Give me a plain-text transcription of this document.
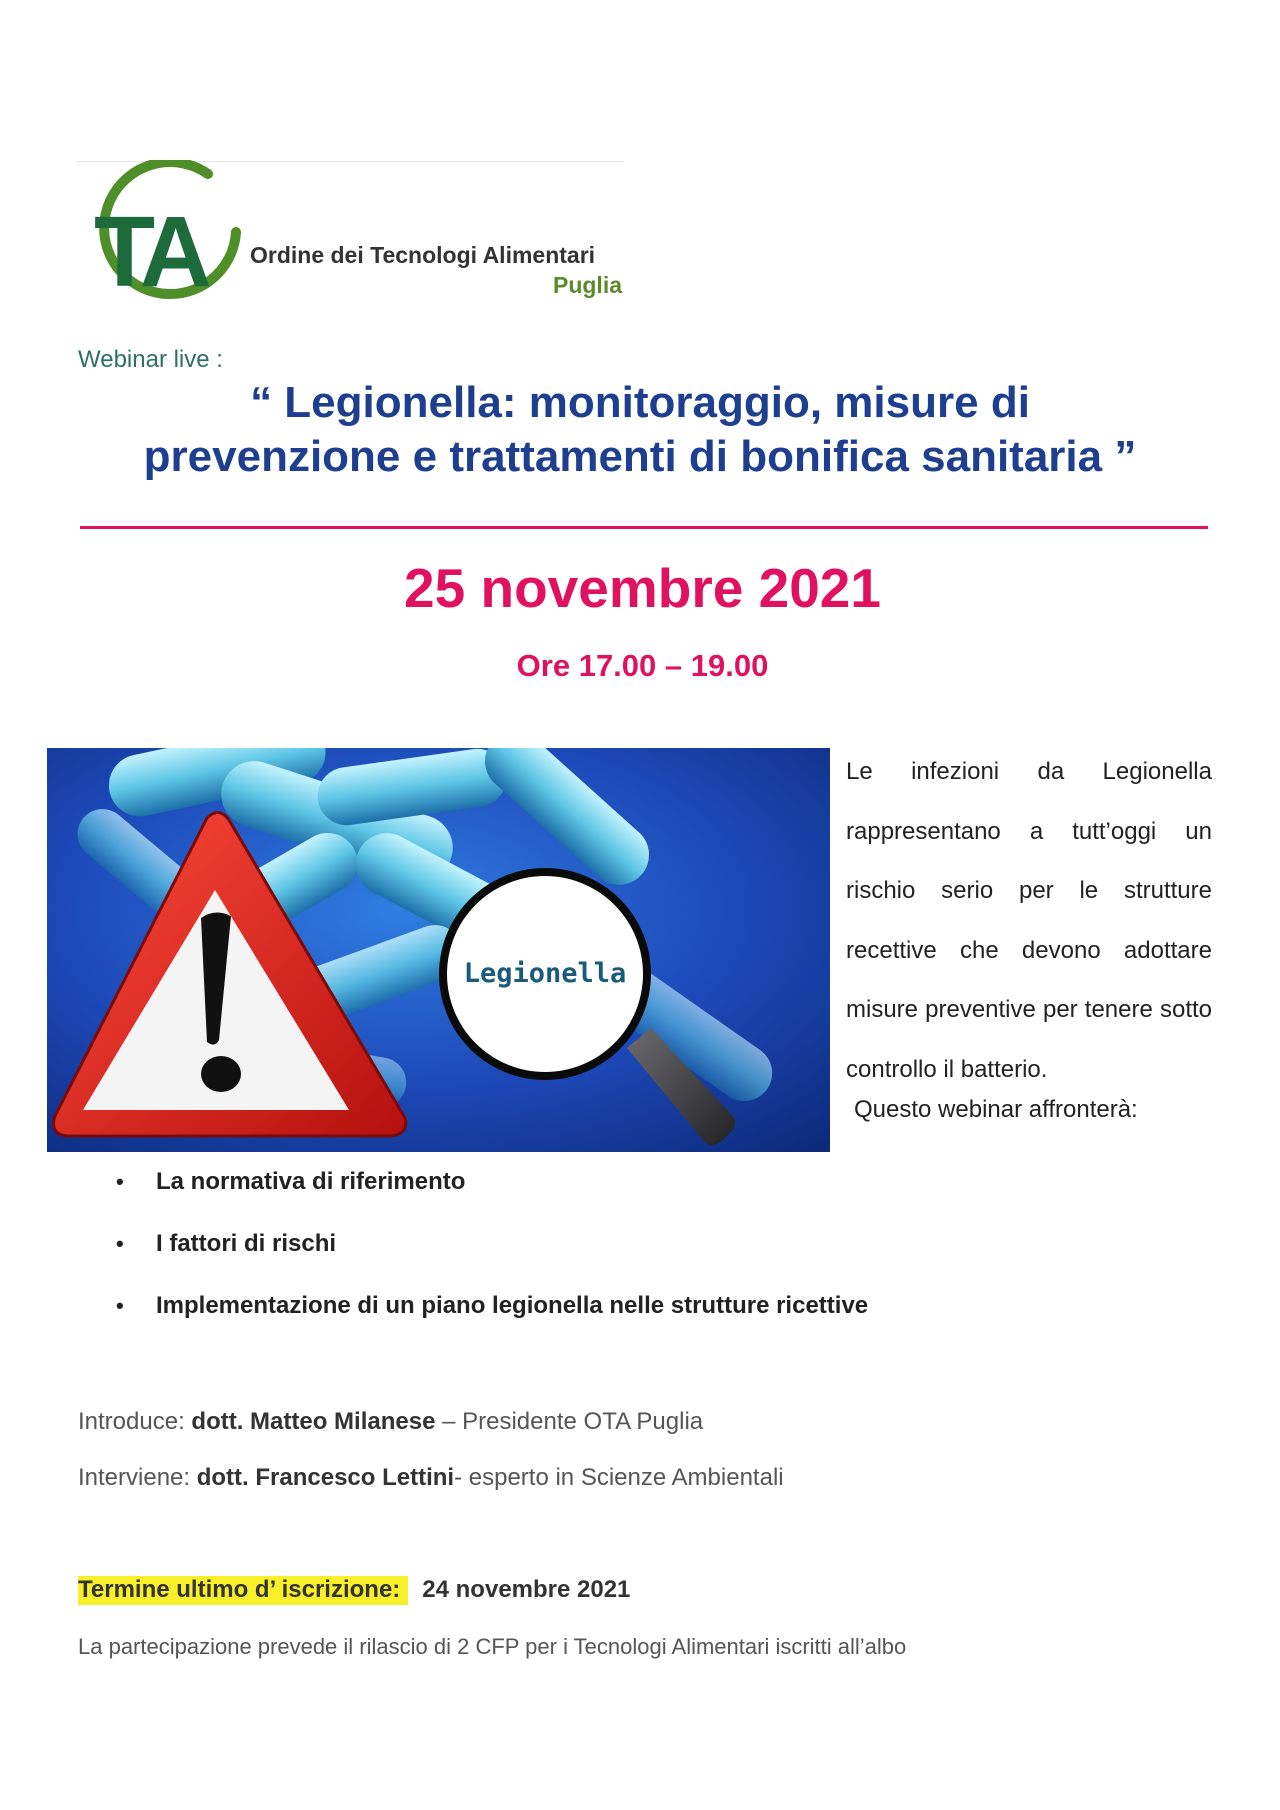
TA Ordine dei Tecnologi Alimentari
Puglia
Webinar live :
“ Legionella: monitoraggio, misure di
prevenzione e trattamenti di bonifica sanitaria ”
25 novembre 2021
Ore 17.00 – 19.00
Legionella
Le infezioni da Legionella rappresentano a tutt’oggi un rischio serio per le strutture recettive che devono adottare misure preventive per tenere sotto controllo il batterio.
Questo webinar affronterà:
• La normativa di riferimento
• I fattori di rischi
• Implementazione di un piano legionella nelle strutture ricettive
Introduce: dott. Matteo Milanese – Presidente OTA Puglia
Interviene: dott. Francesco Lettini- esperto in Scienze Ambientali
Termine ultimo d’ iscrizione: 24 novembre 2021
La partecipazione prevede il rilascio di 2 CFP per i Tecnologi Alimentari iscritti all’albo
